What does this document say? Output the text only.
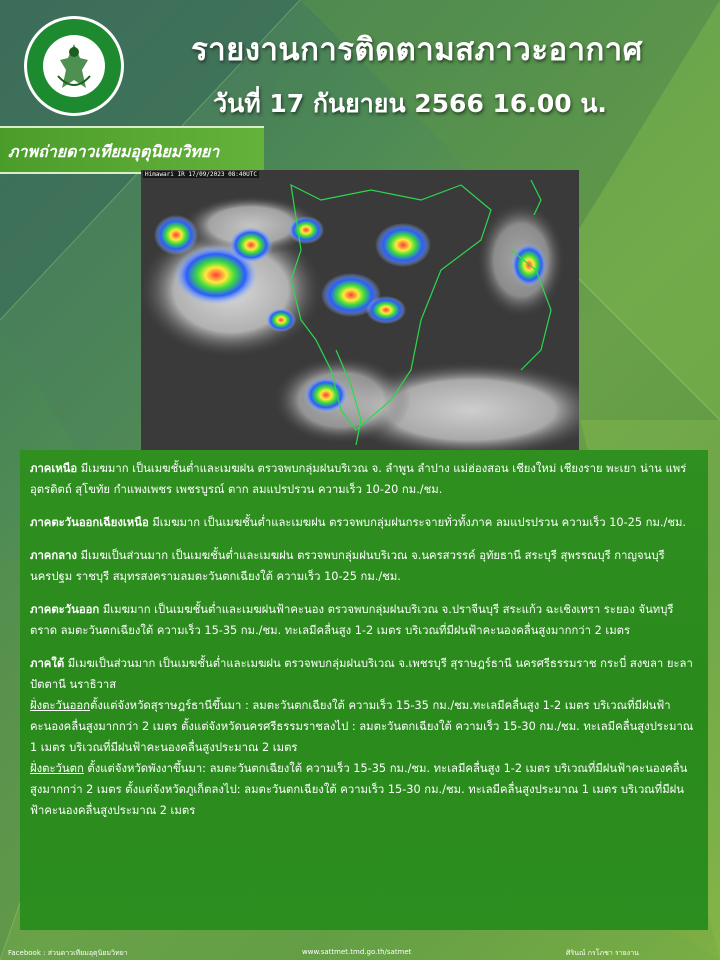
รายงานการติดตามสภาวะอากาศ
วันที่ 17 กันยายน 2566 16.00 น.
ภาพถ่ายดาวเทียมอุตุนิยมวิทยา
Himawari IR 17/09/2023 08:40UTC
ภาคเหนือ มีเมฆมาก เป็นเมฆชั้นต่ำและเมฆฝน ตรวจพบกลุ่มฝนบริเวณ จ. ลำพูน ลำปาง แม่ฮ่องสอน เชียงใหม่ เชียงราย พะเยา น่าน แพร่ อุตรดิตถ์ สุโขทัย กำแพงเพชร เพชรบูรณ์ ตาก ลมแปรปรวน ความเร็ว 10-20 กม./ชม.
ภาคตะวันออกเฉียงเหนือ มีเมฆมาก เป็นเมฆชั้นต่ำและเมฆฝน ตรวจพบกลุ่มฝนกระจายทั่วทั้งภาค ลมแปรปรวน ความเร็ว 10-25 กม./ชม.
ภาคกลาง มีเมฆเป็นส่วนมาก เป็นเมฆชั้นต่ำและเมฆฝน ตรวจพบกลุ่มฝนบริเวณ จ.นครสวรรค์ อุทัยธานี สระบุรี สุพรรณบุรี กาญจนบุรี นครปฐม ราชบุรี สมุทรสงครามลมตะวันตกเฉียงใต้ ความเร็ว 10-25 กม./ชม.
ภาคตะวันออก มีเมฆมาก เป็นเมฆชั้นต่ำและเมฆฝนฟ้าคะนอง ตรวจพบกลุ่มฝนบริเวณ จ.ปราจีนบุรี สระแก้ว ฉะเชิงเทรา ระยอง จันทบุรี ตราด ลมตะวันตกเฉียงใต้ ความเร็ว 15-35 กม./ชม. ทะเลมีคลื่นสูง 1-2 เมตร บริเวณที่มีฝนฟ้าคะนองคลื่นสูงมากกว่า 2 เมตร
ภาคใต้ มีเมฆเป็นส่วนมาก เป็นเมฆชั้นต่ำและเมฆฝน ตรวจพบกลุ่มฝนบริเวณ จ.เพชรบุรี สุราษฎร์ธานี นครศรีธรรมราช กระบี่ สงขลา ยะลา ปัตตานี นราธิวาส
ฝั่งตะวันออกตั้งแต่จังหวัดสุราษฎร์ธานีขึ้นมา : ลมตะวันตกเฉียงใต้ ความเร็ว 15-35 กม./ชม.ทะเลมีคลื่นสูง 1-2 เมตร บริเวณที่มีฝนฟ้าคะนองคลื่นสูงมากกว่า 2 เมตร ตั้งแต่จังหวัดนครศรีธรรมราชลงไป : ลมตะวันตกเฉียงใต้ ความเร็ว 15-30 กม./ชม. ทะเลมีคลื่นสูงประมาณ 1 เมตร บริเวณที่มีฝนฟ้าคะนองคลื่นสูงประมาณ 2 เมตร
ฝั่งตะวันตก ตั้งแต่จังหวัดพังงาขึ้นมา: ลมตะวันตกเฉียงใต้ ความเร็ว 15-35 กม./ชม. ทะเลมีคลื่นสูง 1-2 เมตร บริเวณที่มีฝนฟ้าคะนองคลื่นสูงมากกว่า 2 เมตร ตั้งแต่จังหวัดภูเก็ตลงไป: ลมตะวันตกเฉียงใต้ ความเร็ว 15-30 กม./ชม. ทะเลมีคลื่นสูงประมาณ 1 เมตร บริเวณที่มีฝนฟ้าคะนองคลื่นสูงประมาณ 2 เมตร
Facebook : ส่วนดาวเทียมอุตุนิยมวิทยา	www.sattmet.tmd.go.th/satmet	ศิรินณ์ กรโภชา รายงาน
